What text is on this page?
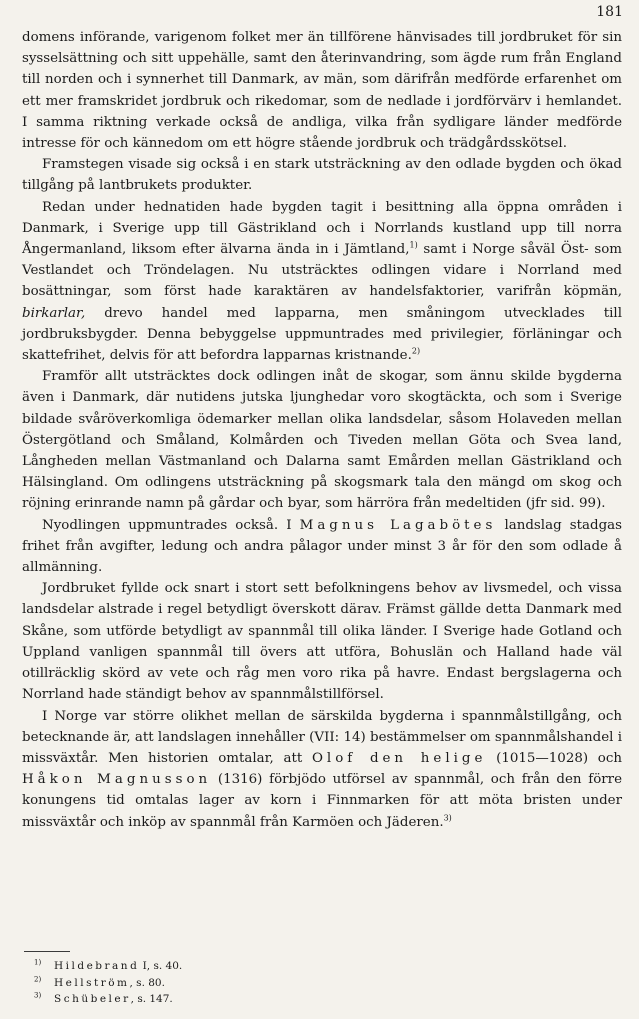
181

domens införande, varigenom folket mer än tillförene hänvisades till jordbruket för sin sysselsättning och sitt uppehälle, samt den återinvandring, som ägde rum från England till norden och i synnerhet till Danmark, av män, som därifrån medförde erfarenhet om ett mer framskridet jordbruk och rikedomar, som de nedlade i jordförvärv i hemlandet. I samma riktning verkade också de andliga, vilka från sydligare länder medförde intresse för och kännedom om ett högre stående jordbruk och trädgårdsskötsel.

Framstegen visade sig också i en stark utsträckning av den odlade bygden och ökad tillgång på lantbrukets produkter.

Redan under hednatiden hade bygden tagit i besittning alla öppna områden i Danmark, i Sverige upp till Gästrikland och i Norrlands kustland upp till norra Ångermanland, liksom efter älvarna ända in i Jämtland,$^{1)}$ samt i Norge såväl Öst- som Vestlandet och Tröndelagen. Nu utsträcktes odlingen vidare i Norrland med bosättningar, som först hade karaktären av handelsfaktorier, varifrån köpmän, birkarlar, drevo handel med lapparna, men småningom utvecklades till jordbruksbygder. Denna bebyggelse uppmuntrades med privilegier, förläningar och skattefrihet, delvis för att befordra lapparnas kristnande.$^{2)}$

Framför allt utsträcktes dock odlingen inåt de skogar, som ännu skilde bygderna även i Danmark, där nutidens jutska ljunghedar voro skogtäckta, och som i Sverige bildade svåröverkomliga ödemarker mellan olika landsdelar, såsom Holaveden mellan Östergötland och Småland, Kolmården och Tiveden mellan Göta och Svea land, Långheden mellan Västmanland och Dalarna samt Emården mellan Gästrikland och Hälsingland. Om odlingens utsträckning på skogsmark tala den mängd om skog och röjning erinrande namn på gårdar och byar, som härröra från medeltiden (jfr sid. 99).

Nyodlingen uppmuntrades också. I Magnus Lagabötes landslag stadgas frihet från avgifter, ledung och andra pålagor under minst 3 år för den som odlade å allmänning.

Jordbruket fyllde ock snart i stort sett befolkningens behov av livsmedel, och vissa landsdelar alstrade i regel betydligt överskott därav. Främst gällde detta Danmark med Skåne, som utförde betydligt av spannmål till olika länder. I Sverige hade Gotland och Uppland vanligen spannmål till övers att utföra, Bohuslän och Halland hade väl otillräcklig skörd av vete och råg men voro rika på havre. Endast bergslagerna och Norrland hade ständigt behov av spannmålstillförsel.

I Norge var större olikhet mellan de särskilda bygderna i spannmålstillgång, och betecknande är, att landslagen innehåller (VII: 14) bestämmelser om spannmålshandel i missväxtår. Men historien omtalar, att Olof den helige (1015—1028) och Håkon Magnusson (1316) förbjödo utförsel av spannmål, och från den förre konungens tid omtalas lager av korn i Finnmarken för att möta bristen under missväxtår och inköp av spannmål från Karmöen och Jäderen.$^{3)}$

$^{1)}$ Hildebrand I, s. 40.
$^{2)}$ Hellström, s. 80.
$^{3)}$ Schübeler, s. 147.
